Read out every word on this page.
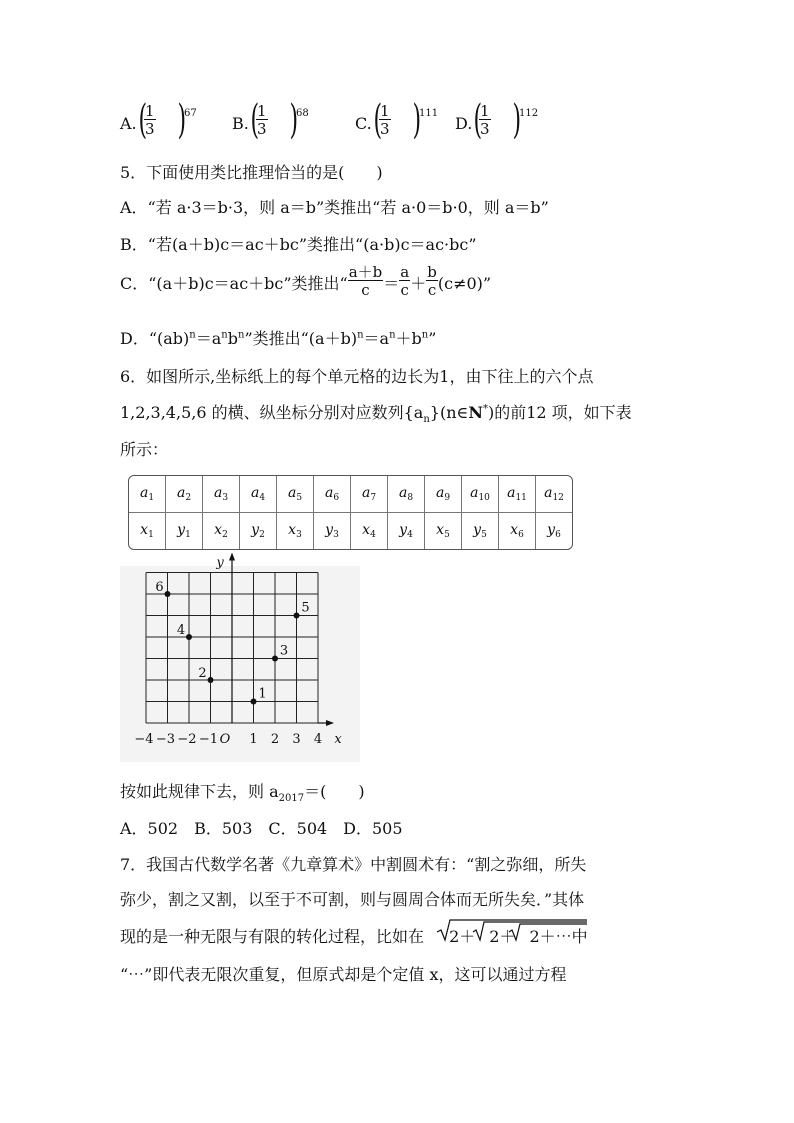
A. (
$\frac{1}{3}$ )
67
B. (
$\frac{1}{3}$ )
68
C. (
$\frac{1}{3}$ )
111
D. (
$\frac{1}{3}$ )
112
5．下面使用类比推理恰当的是(　　)
A．“若 a·3＝b·3，则 a＝b”类推出“若 a·0＝b·0，则 a＝b”
B．“若(a＋b)c＝ac＋bc”类推出“(a·b)c＝ac·bc”
C．“(a＋b)c＝ac＋bc”类推出“ $\frac{a+b}{c} = \frac{a}{c} + \frac{b}{c} (c\ne 0)$”
D．“$(ab)^n=a^nb^n$”类推出“$(a+b)^n=a^n+b^n$”
6．如图所示,坐标纸上的每个单元格的边长为1，由下往上的六个点
1,2,3,4,5,6 的横、纵坐标分别对应数列$\{a_n\}(n\in N^*)$的前12 项，如下表
所示：
$a_1$	$a_2$	$a_3$	$a_4$	$a_5$	$a_6$	$a_7$	$a_8$	$a_9$	$a_{10}$	$a_{11}$	$a_{12}$
$x_1$	$y_1$	$x_2$	$y_2$	$x_3$	$y_3$	$x_4$	$y_4$	$x_5$	$y_5$	$x_6$	$y_6$
1
2
3
4
5
6
y
x
O
−4 −3 −2 −1 1 2 3 4
按如此规律下去，则 $a_{2017}=$(　　)
A．502　B．503　C．504　D．505
7．我国古代数学名著《九章算术》中割圆术有：“割之弥细，所失
弥少，割之又割，以至于不可割，则与圆周合体而无所失矣．”其体
现的是一种无限与有限的转化过程，比如在 2＋ 2＋ 2＋⋯中
“⋯”即代表无限次重复，但原式却是个定值 x，这可以通过方程
